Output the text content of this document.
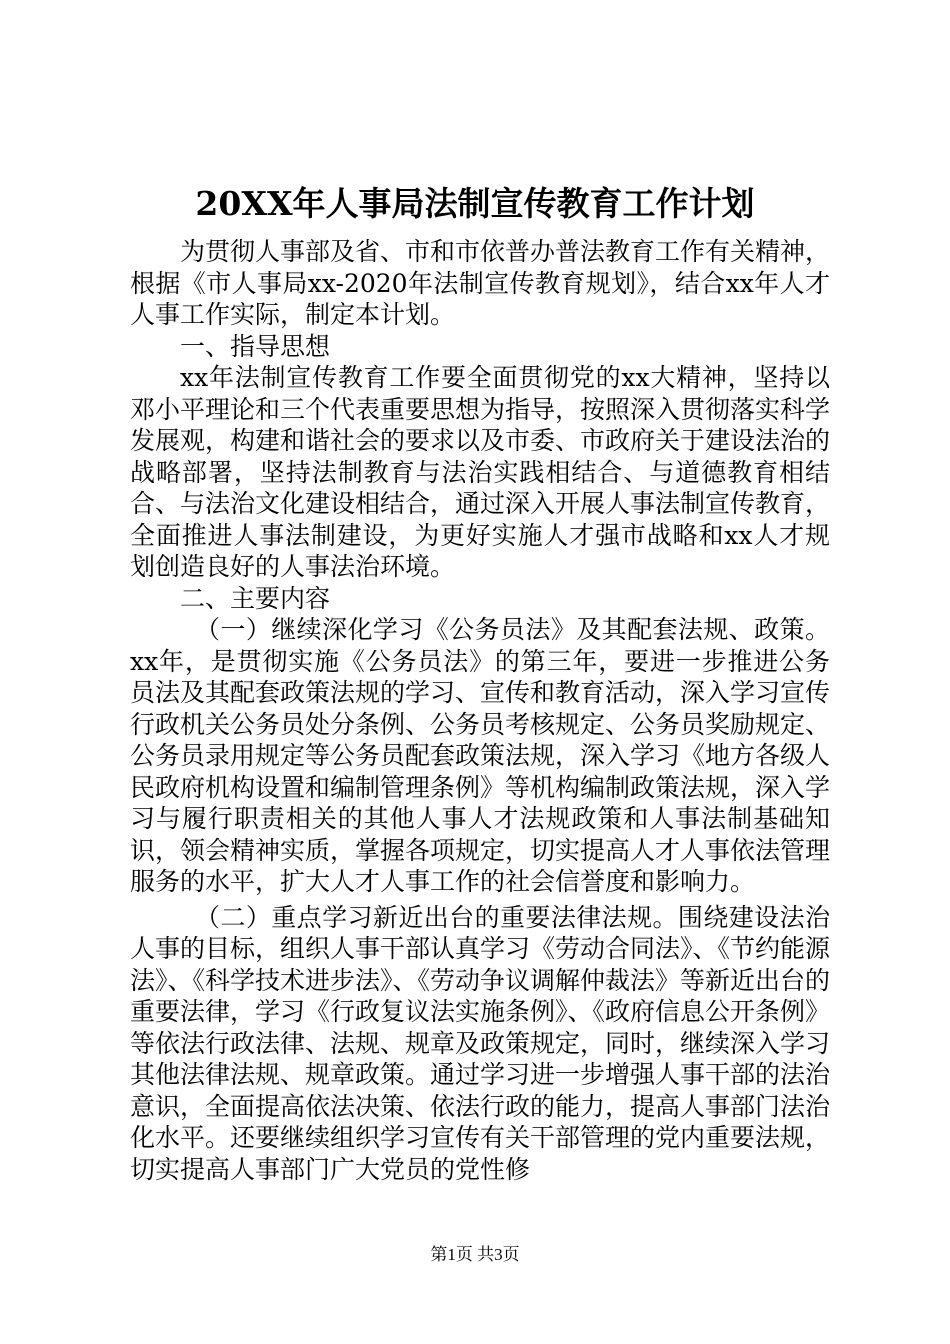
20XX年人事局法制宣传教育工作计划

为贯彻人事部及省、市和市依普办普法教育工作有关精神，根据《市人事局xx-2020年法制宣传教育规划》，结合xx年人才人事工作实际，制定本计划。

一、指导思想

xx年法制宣传教育工作要全面贯彻党的xx大精神，坚持以邓小平理论和三个代表重要思想为指导，按照深入贯彻落实科学发展观，构建和谐社会的要求以及市委、市政府关于建设法治的战略部署，坚持法制教育与法治实践相结合、与道德教育相结合、与法治文化建设相结合，通过深入开展人事法制宣传教育，全面推进人事法制建设，为更好实施人才强市战略和xx人才规划创造良好的人事法治环境。

二、主要内容

（一）继续深化学习《公务员法》及其配套法规、政策。xx年，是贯彻实施《公务员法》的第三年，要进一步推进公务员法及其配套政策法规的学习、宣传和教育活动，深入学习宣传行政机关公务员处分条例、公务员考核规定、公务员奖励规定、公务员录用规定等公务员配套政策法规，深入学习《地方各级人民政府机构设置和编制管理条例》等机构编制政策法规，深入学习与履行职责相关的其他人事人才法规政策和人事法制基础知识，领会精神实质，掌握各项规定，切实提高人才人事依法管理服务的水平，扩大人才人事工作的社会信誉度和影响力。

（二）重点学习新近出台的重要法律法规。围绕建设法治人事的目标，组织人事干部认真学习《劳动合同法》、《节约能源法》、《科学技术进步法》、《劳动争议调解仲裁法》等新近出台的重要法律，学习《行政复议法实施条例》、《政府信息公开条例》等依法行政法律、法规、规章及政策规定，同时，继续深入学习其他法律法规、规章政策。通过学习进一步增强人事干部的法治意识，全面提高依法决策、依法行政的能力，提高人事部门法治化水平。还要继续组织学习宣传有关干部管理的党内重要法规，切实提高人事部门广大党员的党性修

第1页 共3页
